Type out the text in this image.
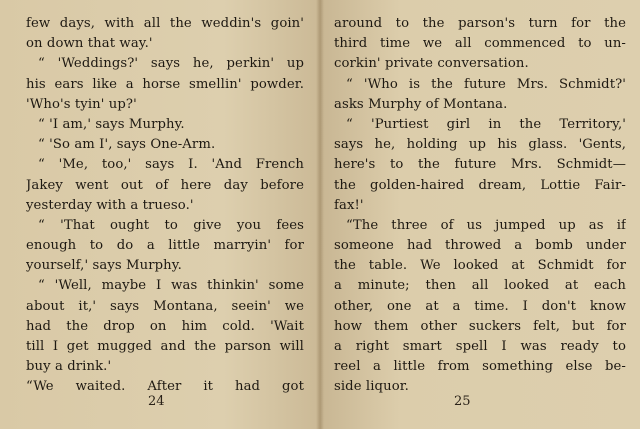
few days, with all the weddin's goin'
on down that way.'
“ 'Weddings?' says he, perkin' up
his ears like a horse smellin' powder.
'Who's tyin' up?'
“ 'I am,' says Murphy.
“ 'So am I', says One-Arm.
“ 'Me, too,' says I. 'And French
Jakey went out of here day before
yesterday with a trueso.'
“ 'That ought to give you fees
enough to do a little marryin' for
yourself,' says Murphy.
“ 'Well, maybe I was thinkin' some
about it,' says Montana, seein' we
had the drop on him cold. 'Wait
till I get mugged and the parson will
buy a drink.'
“We waited. After it had got
24
around to the parson's turn for the
third time we all commenced to un-
corkin' private conversation.
“ 'Who is the future Mrs. Schmidt?'
asks Murphy of Montana.
“ 'Purtiest girl in the Territory,'
says he, holding up his glass. 'Gents,
here's to the future Mrs. Schmidt—
the golden-haired dream, Lottie Fair-
fax!'
“The three of us jumped up as if
someone had throwed a bomb under
the table. We looked at Schmidt for
a minute; then all looked at each
other, one at a time. I don't know
how them other suckers felt, but for
a right smart spell I was ready to
reel a little from something else be-
side liquor.
25
